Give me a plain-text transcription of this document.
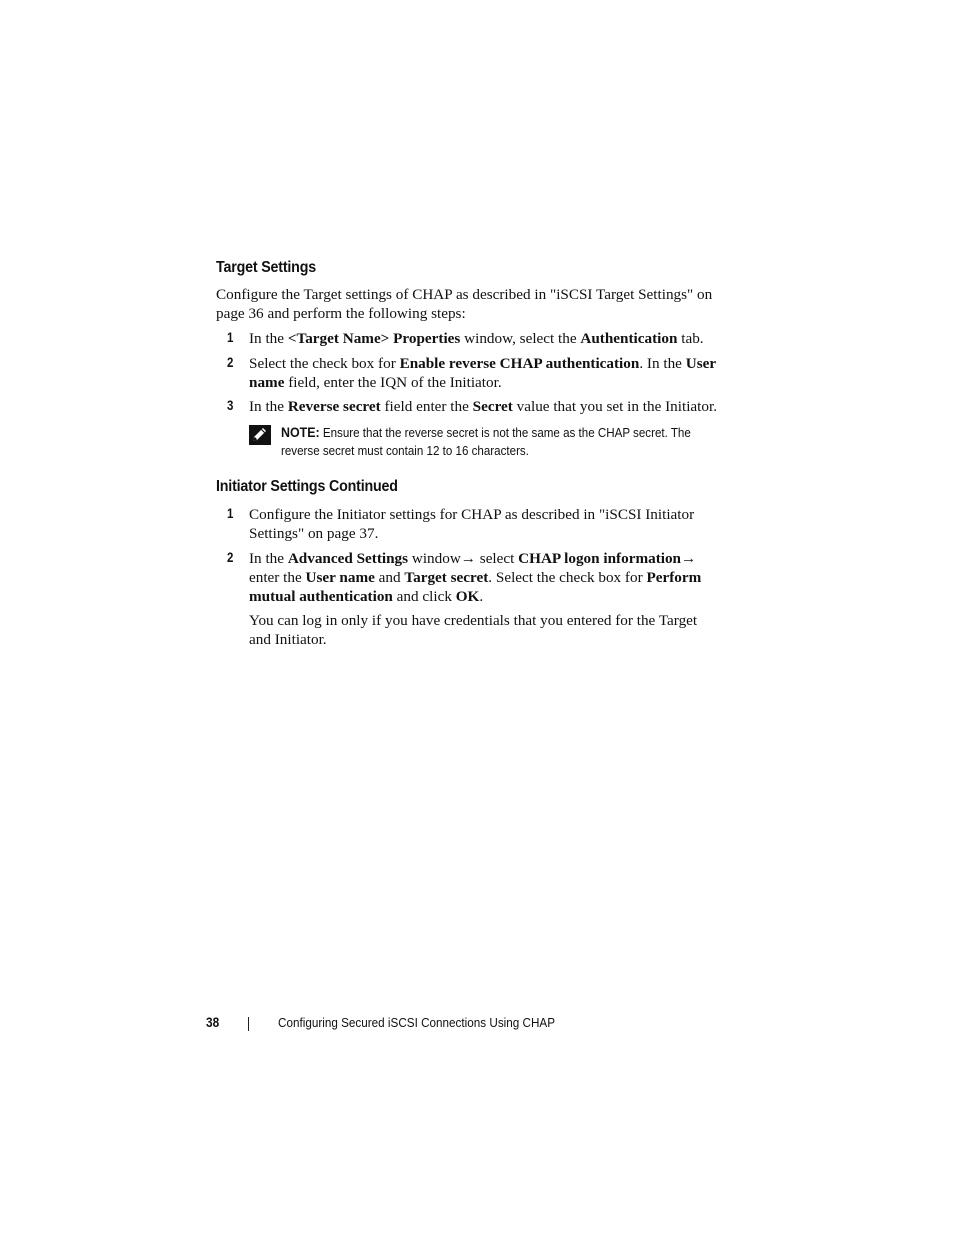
Target Settings

Configure the Target settings of CHAP as described in "iSCSI Target Settings" on page 36 and perform the following steps:

1 In the <Target Name> Properties window, select the Authentication tab.

2 Select the check box for Enable reverse CHAP authentication. In the User name field, enter the IQN of the Initiator.

3 In the Reverse secret field enter the Secret value that you set in the Initiator.

NOTE: Ensure that the reverse secret is not the same as the CHAP secret. The reverse secret must contain 12 to 16 characters.
Initiator Settings Continued
1 Configure the Initiator settings for CHAP as described in "iSCSI Initiator Settings" on page 37.

2 In the Advanced Settings window→ select CHAP logon information→ enter the User name and Target secret. Select the check box for Perform mutual authentication and click OK.

You can log in only if you have credentials that you entered for the Target and Initiator.

38	Configuring Secured iSCSI Connections Using CHAP
